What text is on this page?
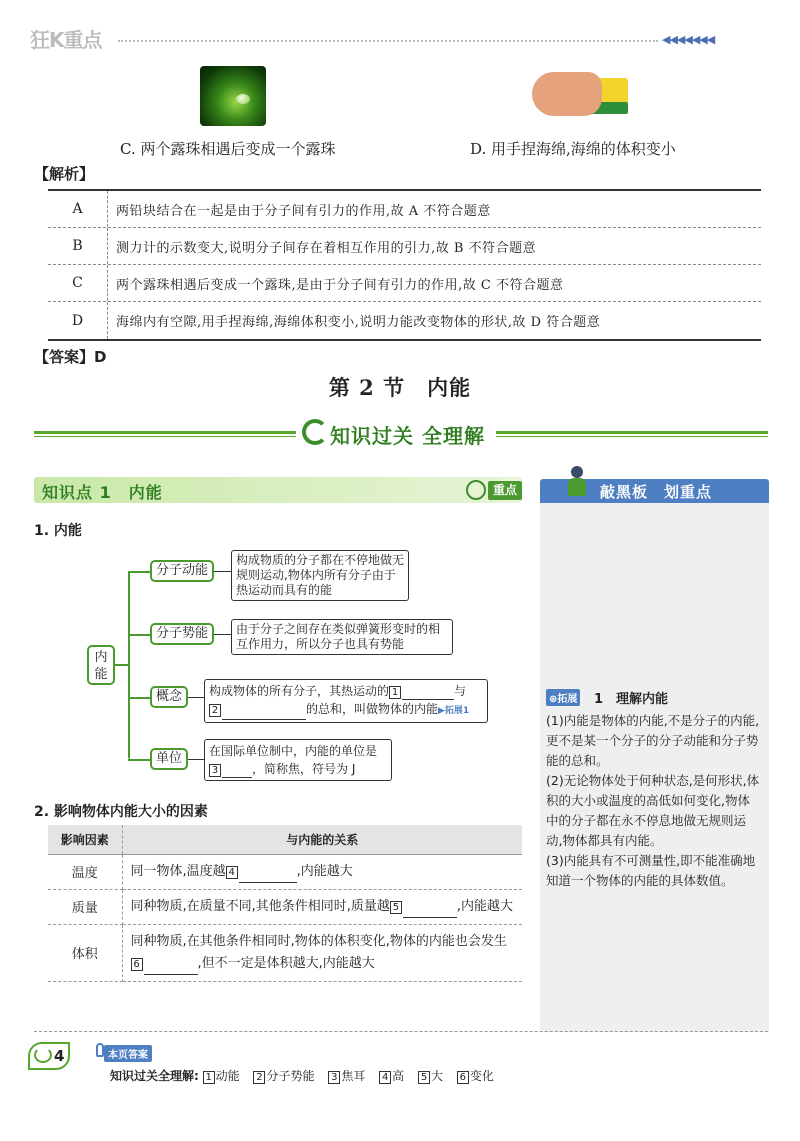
狂K重点	◀◀◀◀◀◀◀
C. 两个露珠相遇后变成一个露珠	D. 用手捏海绵,海绵的体积变小
【解析】
A	两铅块结合在一起是由于分子间有引力的作用,故 A 不符合题意
B	测力计的示数变大,说明分子间存在着相互作用的引力,故 B 不符合题意
C	两个露珠相遇后变成一个露珠,是由于分子间有引力的作用,故 C 不符合题意
D	海绵内有空隙,用手捏海绵,海绵体积变小,说明力能改变物体的形状,故 D 符合题意
【答案】D
第 2 节　内能
知识过关 全理解
知识点 1　内能	重点	敲黑板　划重点
⊕拓展 1　理解内能

(1)内能是物体的内能,不是分子的内能,更不是某一个分子的分子动能和分子势能的总和。

(2)无论物体处于何种状态,是何形状,体积的大小或温度的高低如何变化,物体中的分子都在永不停息地做无规则运动,物体都具有内能。

(3)内能具有不可测量性,即不能准确地知道一个物体的内能的具体数值。

1. 内能
内能
分子动能
构成物质的分子都在不停地做无规则运动,物体内所有分子由于热运动而具有的能
分子势能	由于分子之间存在类似弹簧形变时的相互作用力，所以分子也具有势能
概念	构成物体的所有分子，其热运动的 1	与
2	的总和，叫做物体的内能▶拓展1
单位	在国际单位制中，内能的单位是
3	，简称焦，符号为 J
2. 影响物体内能大小的因素
影响因素	与内能的关系
温度	同一物体,温度越 4 ,内能越大
质量	同种物质,在质量不同,其他条件相同时,质量越 5 ,内能越大
体积	同种物质,在其他条件相同时,物体的体积变化,物体的内能也会发生6 ,但不一定是体积越大,内能越大
4	本页答案
知识过关全理解: 1 动能 2 分子势能 3 焦耳 4 高 5 大 6 变化
